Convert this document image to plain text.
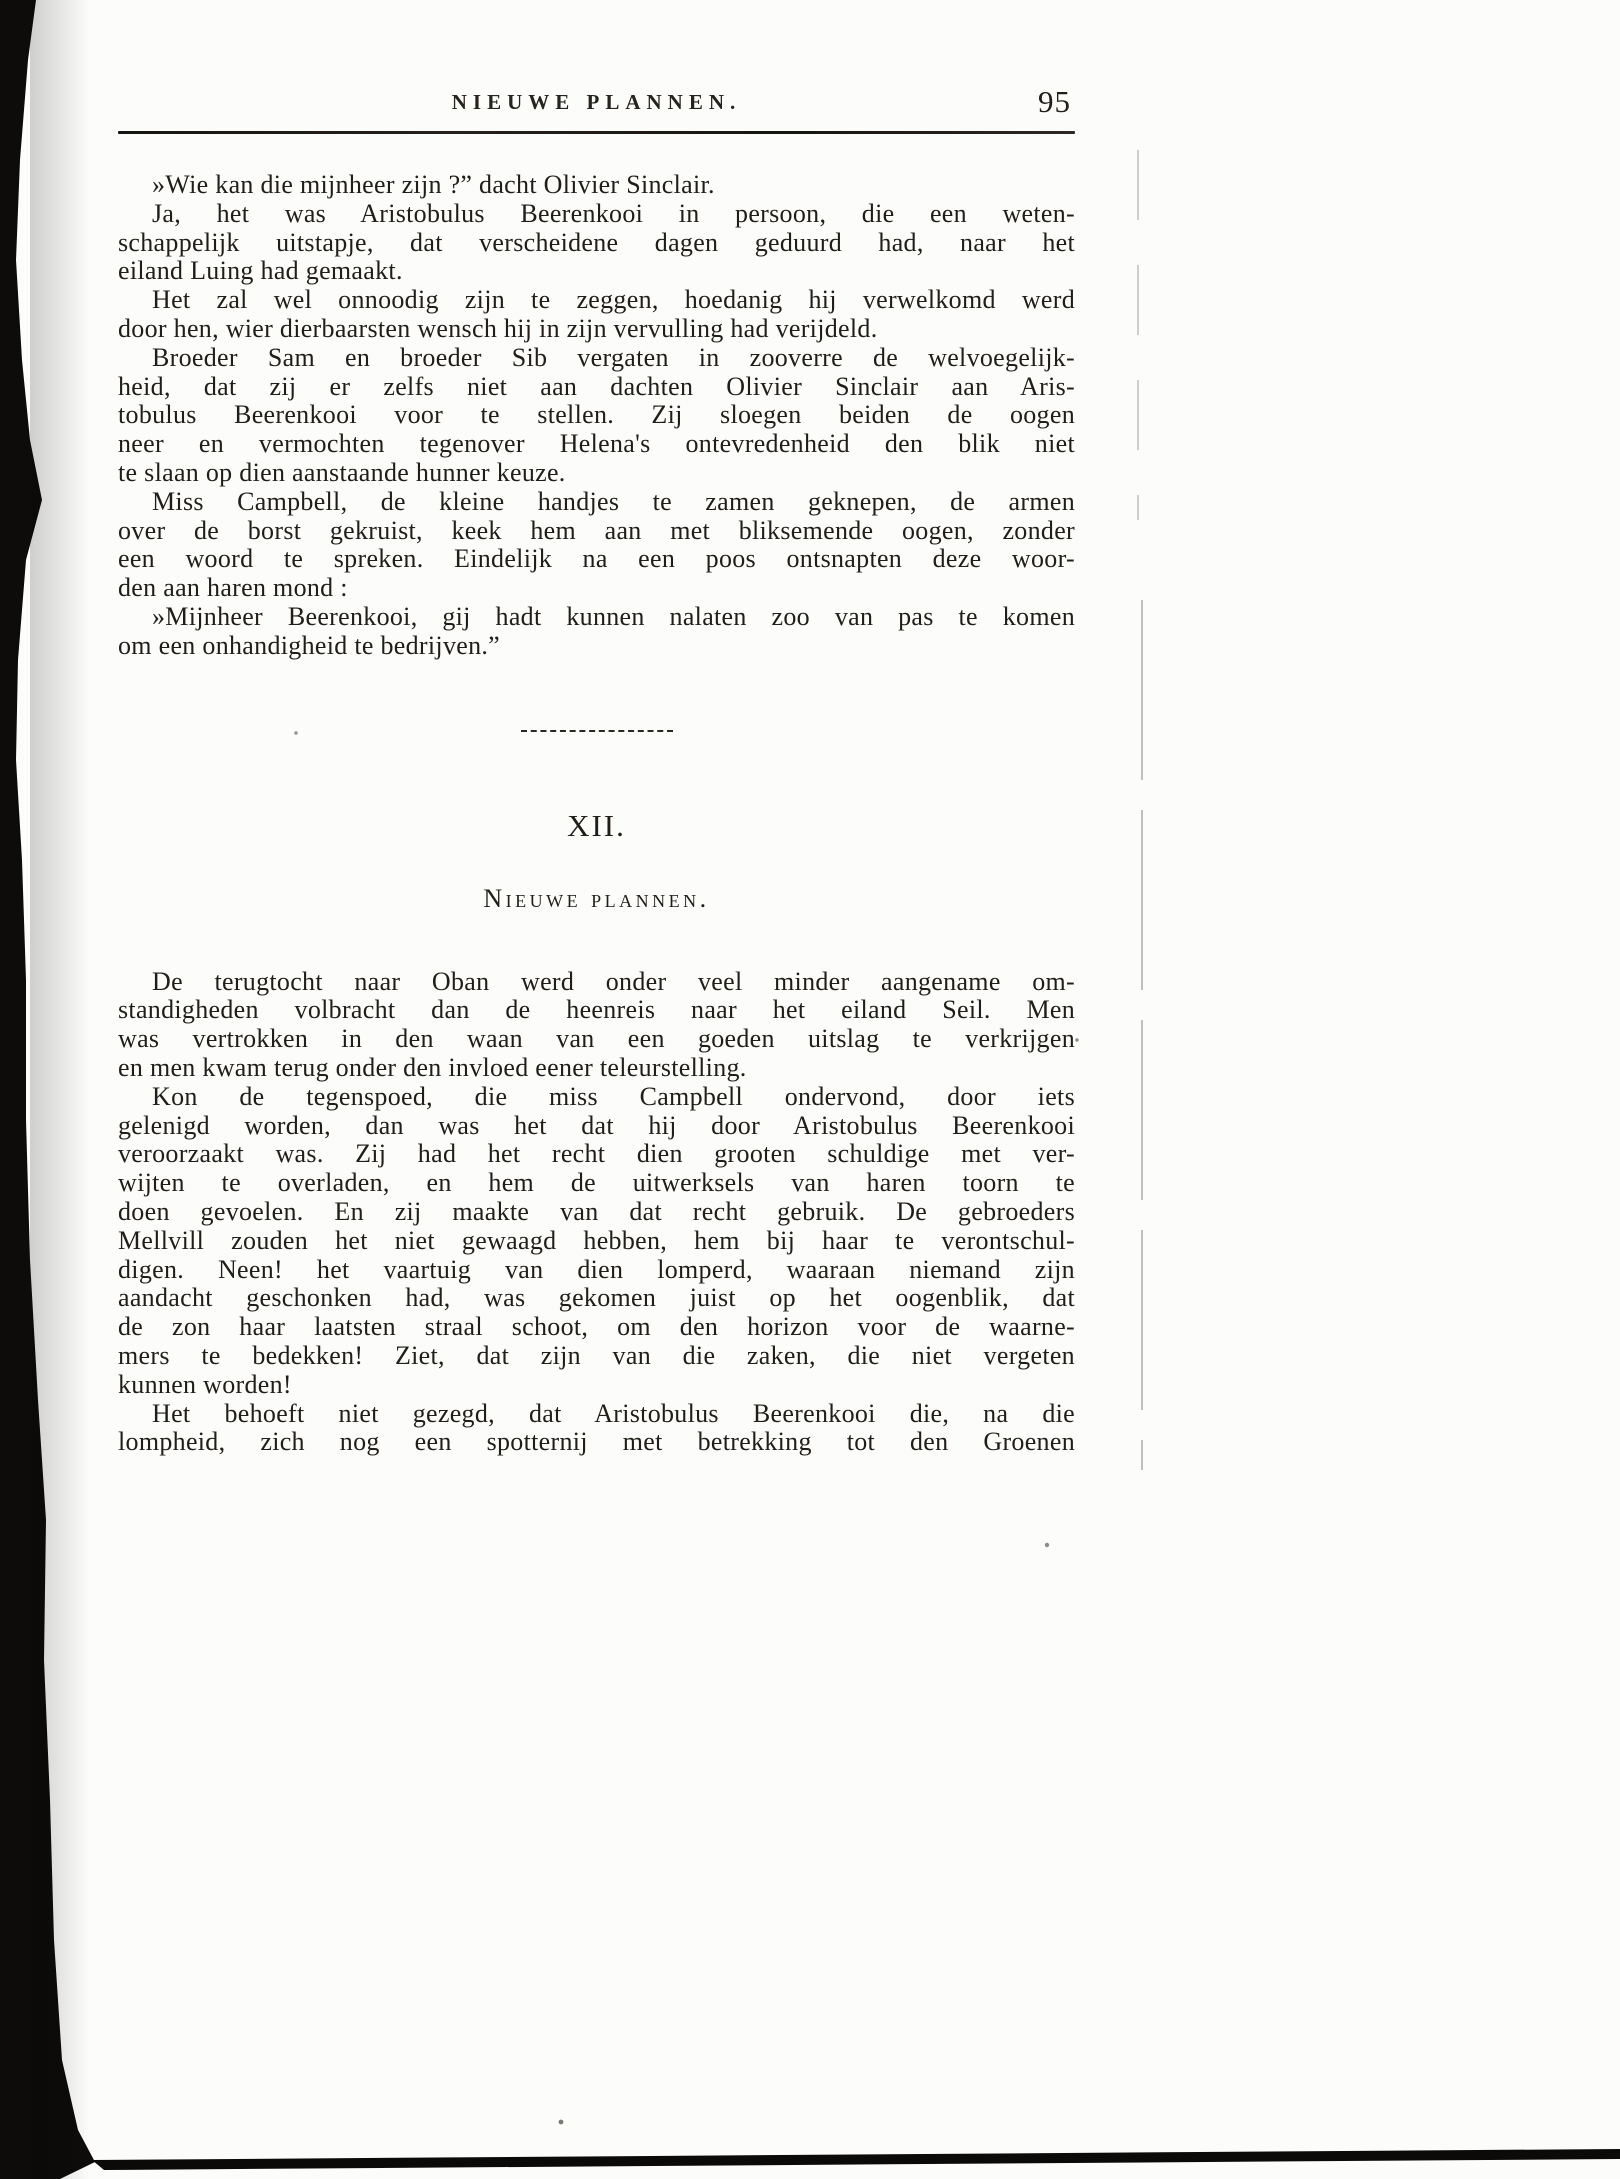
NIEUWE PLANNEN.	95
»Wie kan die mijnheer zijn ?” dacht Olivier Sinclair.
Ja, het was Aristobulus Beerenkooi in persoon, die een weten-
schappelijk uitstapje, dat verscheidene dagen geduurd had, naar het
eiland Luing had gemaakt.
Het zal wel onnoodig zijn te zeggen, hoedanig hij verwelkomd werd
door hen, wier dierbaarsten wensch hij in zijn vervulling had verijdeld.
Broeder Sam en broeder Sib vergaten in zooverre de welvoegelijk-
heid, dat zij er zelfs niet aan dachten Olivier Sinclair aan Aris-
tobulus Beerenkooi voor te stellen. Zij sloegen beiden de oogen
neer en vermochten tegenover Helena's ontevredenheid den blik niet
te slaan op dien aanstaande hunner keuze.
Miss Campbell, de kleine handjes te zamen geknepen, de armen
over de borst gekruist, keek hem aan met bliksemende oogen, zonder
een woord te spreken. Eindelijk na een poos ontsnapten deze woor-
den aan haren mond :
»Mijnheer Beerenkooi, gij hadt kunnen nalaten zoo van pas te komen
om een onhandigheid te bedrijven.”
XII.
Nieuwe plannen.
De terugtocht naar Oban werd onder veel minder aangename om-
standigheden volbracht dan de heenreis naar het eiland Seil. Men
was vertrokken in den waan van een goeden uitslag te verkrijgen
en men kwam terug onder den invloed eener teleurstelling.
Kon de tegenspoed, die miss Campbell ondervond, door iets
gelenigd worden, dan was het dat hij door Aristobulus Beerenkooi
veroorzaakt was. Zij had het recht dien grooten schuldige met ver-
wijten te overladen, en hem de uitwerksels van haren toorn te
doen gevoelen. En zij maakte van dat recht gebruik. De gebroeders
Mellvill zouden het niet gewaagd hebben, hem bij haar te verontschul-
digen. Neen! het vaartuig van dien lomperd, waaraan niemand zijn
aandacht geschonken had, was gekomen juist op het oogenblik, dat
de zon haar laatsten straal schoot, om den horizon voor de waarne-
mers te bedekken! Ziet, dat zijn van die zaken, die niet vergeten
kunnen worden!
Het behoeft niet gezegd, dat Aristobulus Beerenkooi die, na die
lompheid, zich nog een spotternij met betrekking tot den Groenen
